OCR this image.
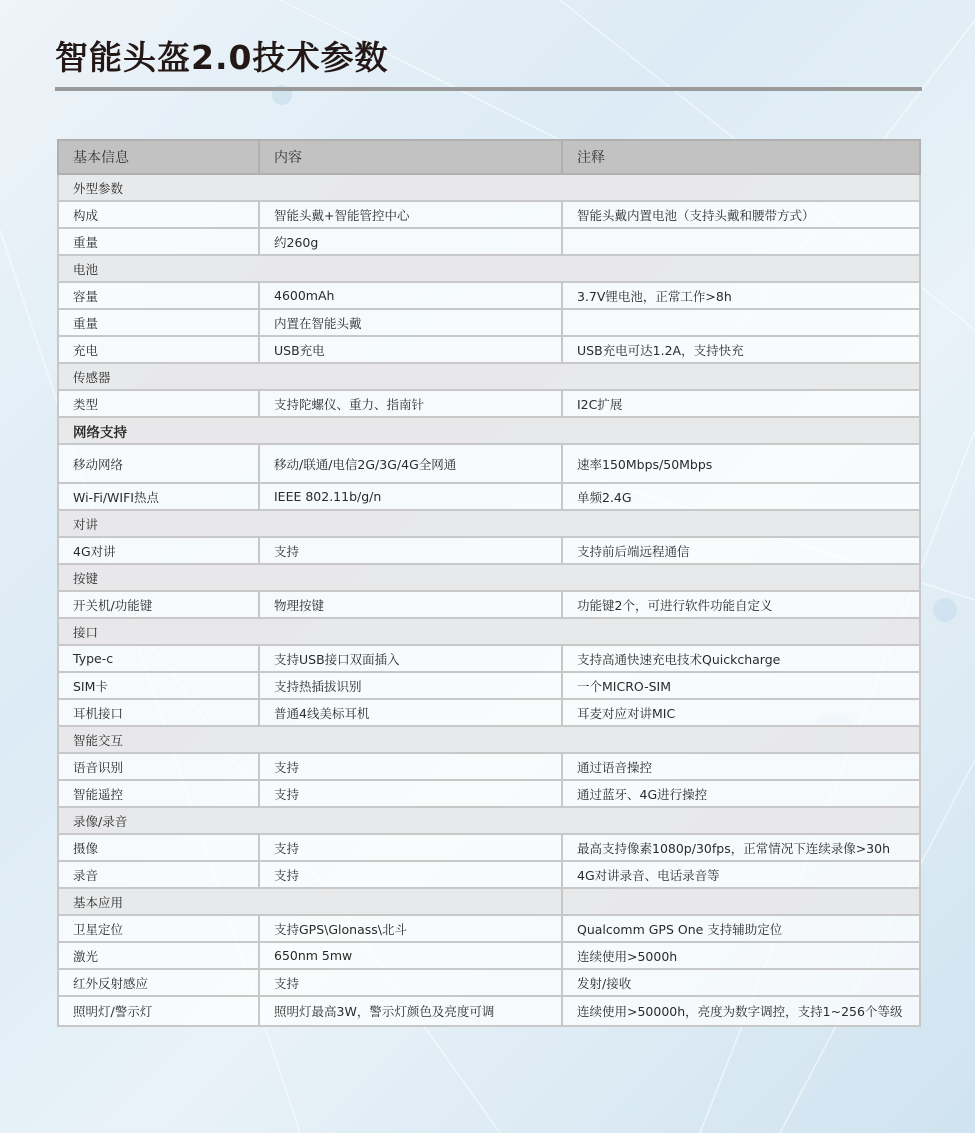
智能头盔2.0技术参数
基本信息	内容	注释
外型参数		
构成	智能头戴+智能管控中心	智能头戴内置电池（支持头戴和腰带方式）
重量	约260g	
电池		
容量	4600mAh	3.7V锂电池，正常工作>8h
重量	内置在智能头戴	
充电	USB充电	USB充电可达1.2A，支持快充
传感器		
类型	支持陀螺仪、重力、指南针	I2C扩展
网络支持		
移动网络	移动/联通/电信2G/3G/4G全网通	速率150Mbps/50Mbps
Wi-Fi/WIFI热点	IEEE 802.11b/g/n	单频2.4G
对讲		
4G对讲	支持	支持前后端远程通信
按键		
开关机/功能键	物理按键	功能键2个，可进行软件功能自定义
接口		
Type-c	支持USB接口双面插入	支持高通快速充电技术Quickcharge
SIM卡	支持热插拔识别	一个MICRO-SIM
耳机接口	普通4线美标耳机	耳麦对应对讲MIC
智能交互		
语音识别	支持	通过语音操控
智能遥控	支持	通过蓝牙、4G进行操控
录像/录音		
摄像	支持	最高支持像素1080p/30fps，正常情况下连续录像>30h
录音	支持	4G对讲录音、电话录音等
基本应用		
卫星定位	支持GPS\Glonass\北斗	Qualcomm GPS One 支持辅助定位
激光	650nm 5mw	连续使用>5000h
红外反射感应	支持	发射/接收
照明灯/警示灯	照明灯最高3W，警示灯颜色及亮度可调	连续使用>50000h，亮度为数字调控，支持1~256个等级
